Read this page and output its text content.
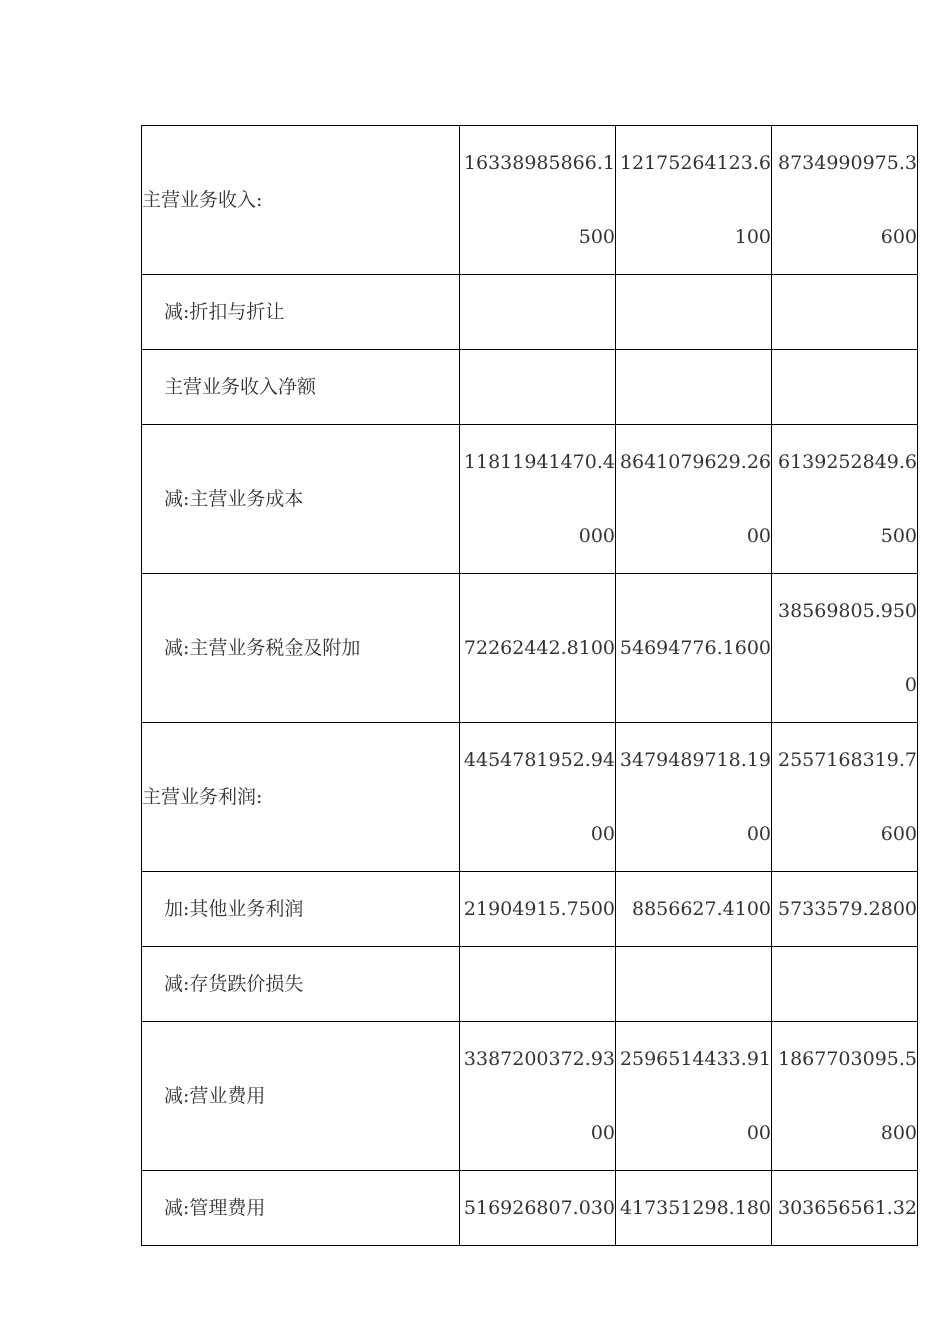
主营业务收入:	16338985866.1500	12175264123.6100	8734990975.3600
减:折扣与折让			
主营业务收入净额			
减:主营业务成本	11811941470.4000	8641079629.2600	6139252849.6500
减:主营业务税金及附加	72262442.8100	54694776.1600	38569805.9500
主营业务利润:	4454781952.9400	3479489718.1900	2557168319.7600
加:其他业务利润	21904915.7500	8856627.4100	5733579.2800
减:存货跌价损失			
减:营业费用	3387200372.9300	2596514433.9100	1867703095.5800
减:管理费用	516926807.030	417351298.180	303656561.32
